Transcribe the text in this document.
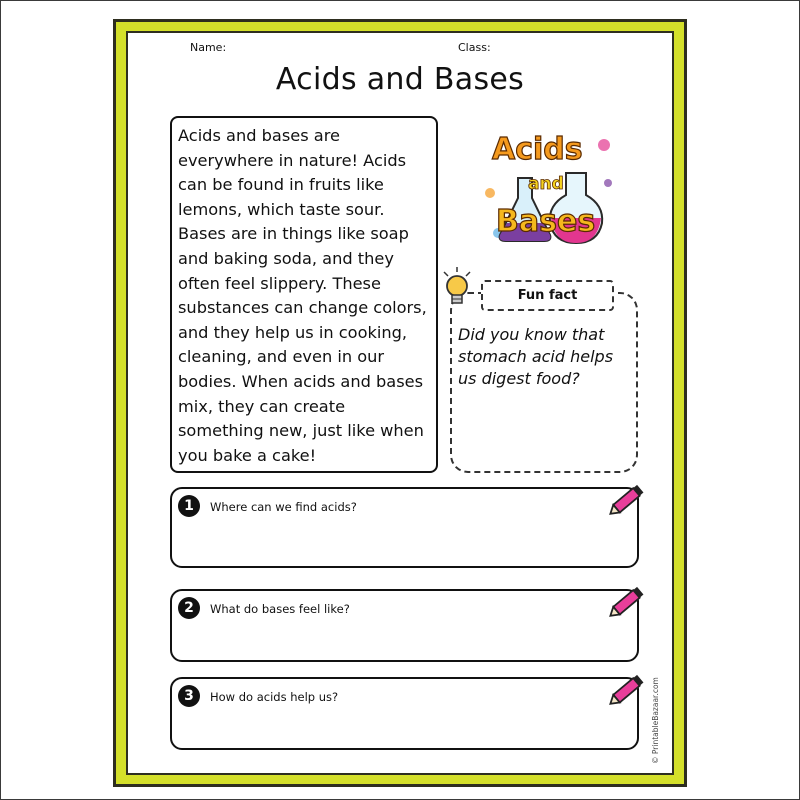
Name:	Class:
Acids and Bases
Acids and bases are everywhere in nature! Acids can be found in fruits like lemons, which taste sour. Bases are in things like soap and baking soda, and they often feel slippery. These substances can change colors, and they help us in cooking, cleaning, and even in our bodies. When acids and bases mix, they can create something new, just like when you bake a cake!
Acids
and
Bases
Fun fact
Did you know that stomach acid helps us digest food?
1	Where can we find acids?
2	What do bases feel like?
3	How do acids help us?	© PrintableBazaar.com
